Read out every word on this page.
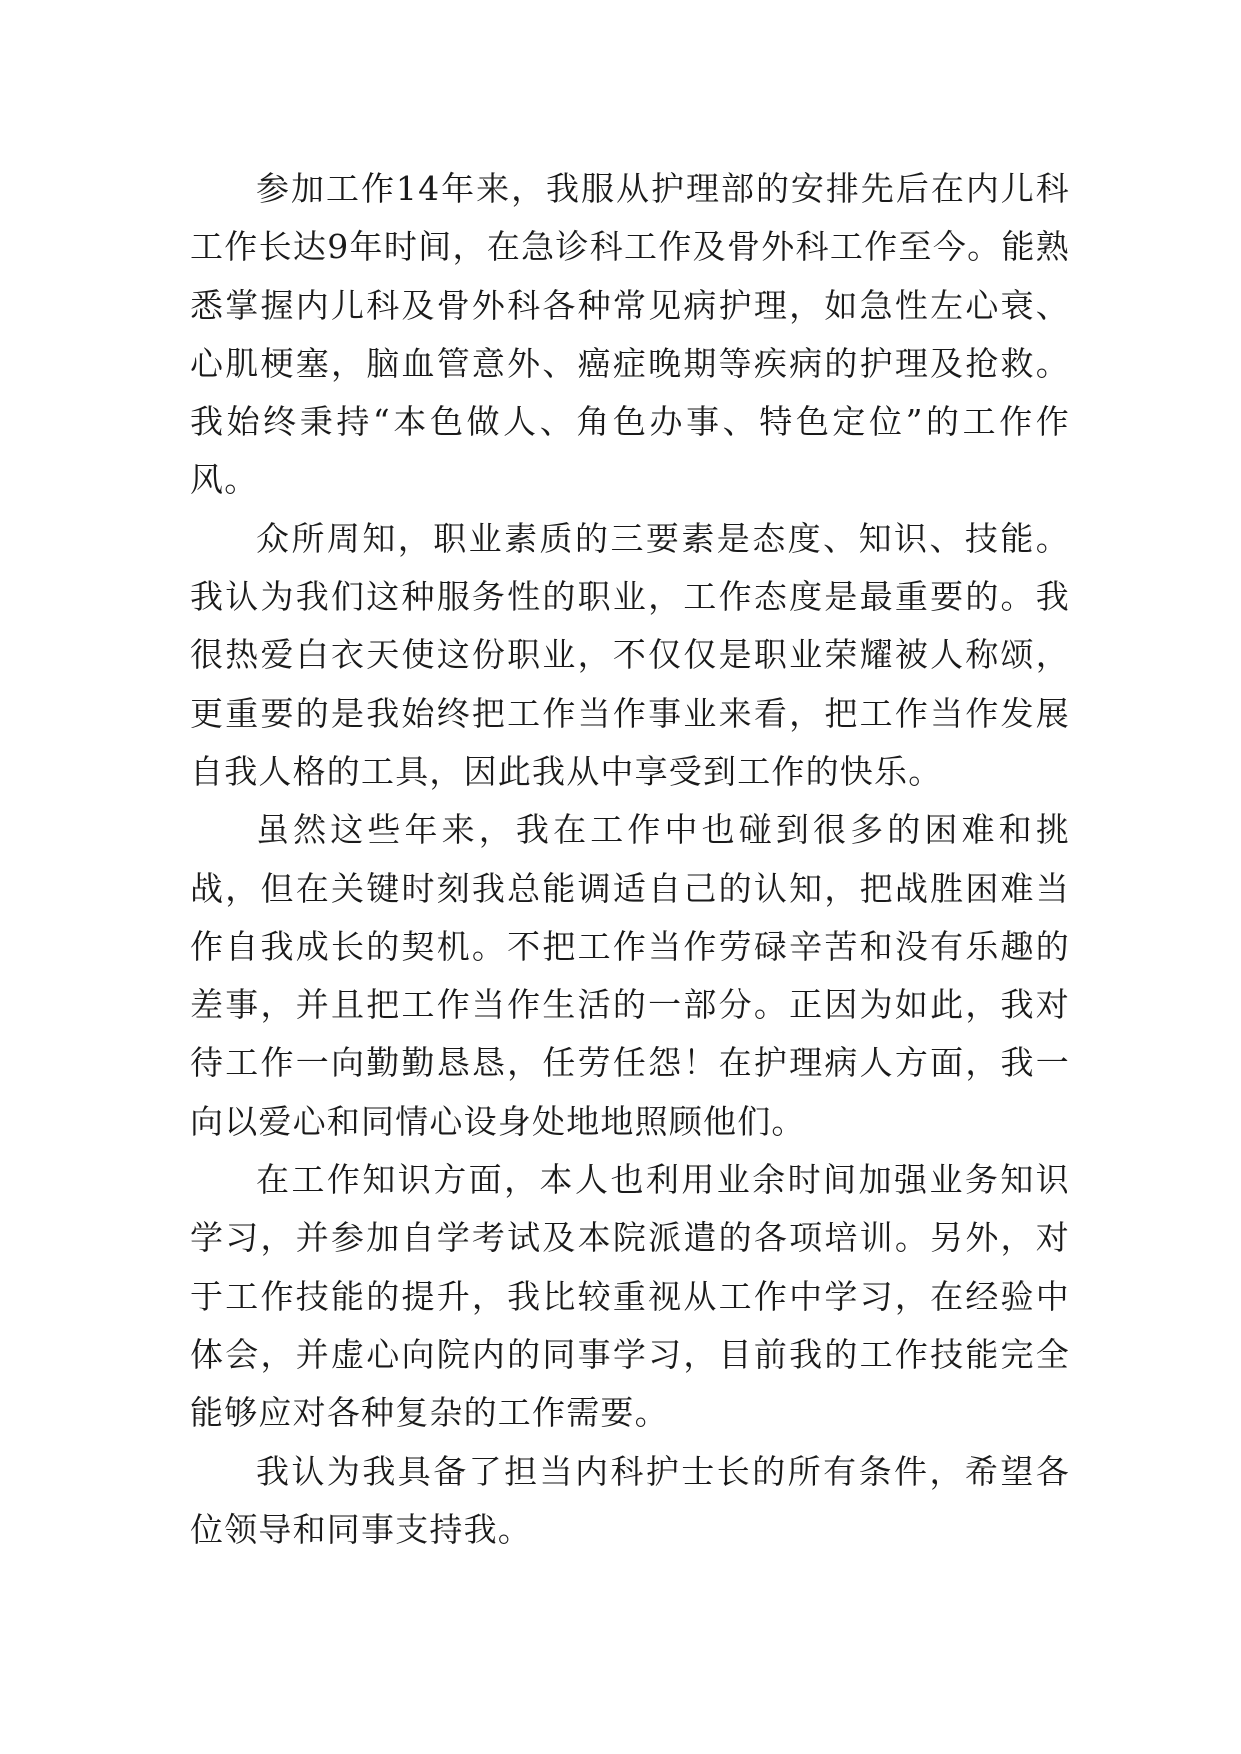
参加工作14年来，我服从护理部的安排先后在内儿科工作长达9年时间，在急诊科工作及骨外科工作至今。能熟悉掌握内儿科及骨外科各种常见病护理，如急性左心衰、心肌梗塞，脑血管意外、癌症晚期等疾病的护理及抢救。我始终秉持“本色做人、角色办事、特色定位”的工作作风。

众所周知，职业素质的三要素是态度、知识、技能。我认为我们这种服务性的职业，工作态度是最重要的。我很热爱白衣天使这份职业，不仅仅是职业荣耀被人称颂，更重要的是我始终把工作当作事业来看，把工作当作发展自我人格的工具，因此我从中享受到工作的快乐。

虽然这些年来，我在工作中也碰到很多的困难和挑战，但在关键时刻我总能调适自己的认知，把战胜困难当作自我成长的契机。不把工作当作劳碌辛苦和没有乐趣的差事，并且把工作当作生活的一部分。正因为如此，我对待工作一向勤勤恳恳，任劳任怨！在护理病人方面，我一向以爱心和同情心设身处地地照顾他们。

在工作知识方面，本人也利用业余时间加强业务知识学习，并参加自学考试及本院派遣的各项培训。另外，对于工作技能的提升，我比较重视从工作中学习，在经验中体会，并虚心向院内的同事学习，目前我的工作技能完全能够应对各种复杂的工作需要。

我认为我具备了担当内科护士长的所有条件，希望各位领导和同事支持我。
